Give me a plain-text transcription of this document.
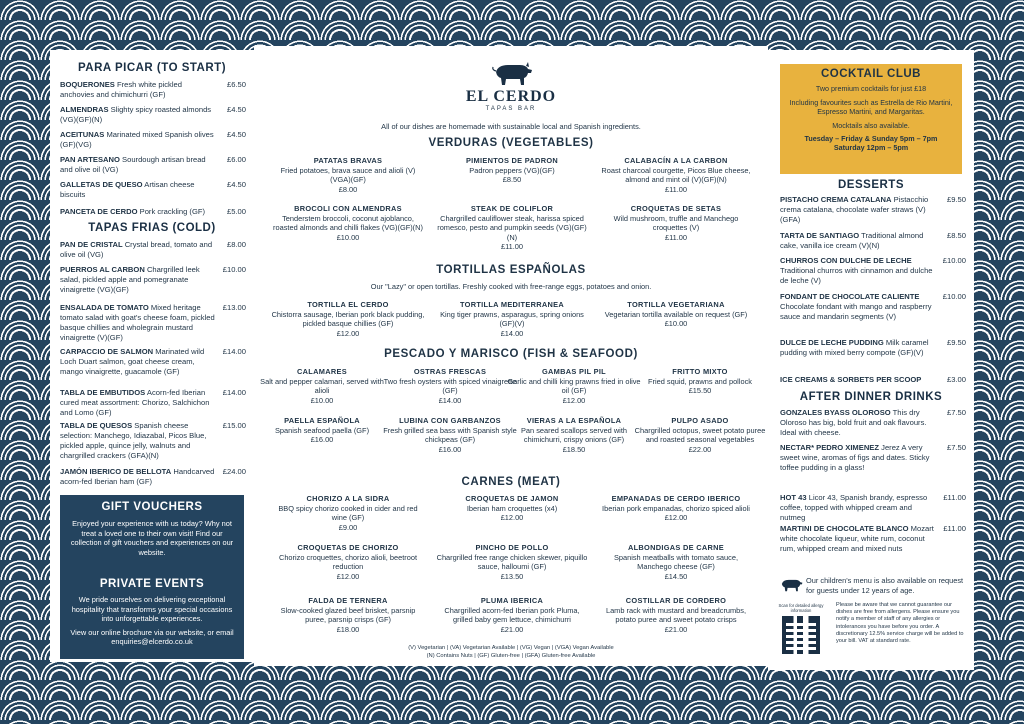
PARA PICAR (TO START)
BOQUERONES Fresh white pickled anchovies and chimichurri (GF)
£6.50
ALMENDRAS Slighty spicy roasted almonds (VG)(GF)(N)
£4.50
ACEITUNAS Marinated mixed Spanish olives (GF)(VG)
£4.50
PAN ARTESANO Sourdough artisan bread and olive oil (VG)
£6.00
GALLETAS DE QUESO Artisan cheese biscuits
£4.50
PANCETA DE CERDO Pork crackling (GF)	£5.00
TAPAS FRIAS (COLD)
PAN DE CRISTAL Crystal bread, tomato and olive oil (VG)
£8.00
PUERROS AL CARBON Chargrilled leek salad, pickled apple and pomegranate vinaigrette (VG)(GF)
£10.00
ENSALADA DE TOMATO Mixed heritage tomato salad with goat's cheese foam, pickled basque chillies and wholegrain mustard vinaigrette (V)(GF)
£13.00
CARPACCIO DE SALMON Marinated wild Loch Duart salmon, goat cheese cream, mango vinaigrette, guacamole (GF)
£14.00
TABLA DE EMBUTIDOS Acorn-fed Iberian cured meat assortment: Chorizo, Salchichon and Lomo (GF)
£14.00
TABLA DE QUESOS Spanish cheese selection: Manchego, Idiazabal, Picos Blue, pickled apple, quince jelly, walnuts and chargrilled crackers (GFA)(N)
£15.00
JAMÓN IBERICO DE BELLOTA Handcarved acorn-fed Iberian ham (GF)
£24.00
GIFT VOUCHERS

Enjoyed your experience with us today? Why not treat a loved one to their own visit! Find our collection of gift vouchers and experiences on our website.

PRIVATE EVENTS

We pride ourselves on delivering exceptional hospitality that transforms your special occasions into unforgettable experiences.

View our online brochure via our website, or email enquiries@elcerdo.co.uk

EL CERDO
TAPAS BAR
All of our dishes are homemade with sustainable local and Spanish ingredients.
VERDURAS (VEGETABLES)
PATATAS BRAVAS
Fried potatoes, brava sauce and alioli (V) (VGA)(GF)
£8.00
PIMIENTOS DE PADRON
Padron peppers (VG)(GF)
£8.50
CALABACÍN A LA CARBON
Roast charcoal courgette, Picos Blue cheese, almond and mint oil (V)(GF)(N)
£11.00
BROCOLI CON ALMENDRAS
Tenderstem broccoli, coconut ajoblanco, roasted almonds and chilli flakes (VG)(GF)(N)
£10.00
STEAK DE COLIFLOR
Chargrilled cauliflower steak, harissa spiced romesco, pesto and pumpkin seeds (VG)(GF)(N)
£11.00
CROQUETAS DE SETAS
Wild mushroom, truffle and Manchego croquettes (V)
£11.00
TORTILLAS ESPAÑOLAS
Our "Lazy" or open tortillas. Freshly cooked with free-range eggs, potatoes and onion.
TORTILLA EL CERDO
Chistorra sausage, Iberian pork black pudding, pickled basque chillies (GF)
£12.00
TORTILLA MEDITERRANEA
King tiger prawns, asparagus, spring onions (GF)(V)
£14.00
TORTILLA VEGETARIANA
Vegetarian tortilla available on request (GF)
£10.00
PESCADO Y MARISCO (FISH & SEAFOOD)
CALAMARES
Salt and pepper calamari, served with alioli
£10.00
OSTRAS FRESCAS
Two fresh oysters with spiced vinaigrette (GF)
£14.00
GAMBAS PIL PIL
Garlic and chilli king prawns fried in olive oil (GF)
£12.00
FRITTO MIXTO
Fried squid, prawns and pollock
£15.50
PAELLA ESPAÑOLA
Spanish seafood paella (GF)
£16.00
LUBINA CON GARBANZOS
Fresh grilled sea bass with Spanish style chickpeas (GF)
£16.00
VIERAS A LA ESPAÑOLA
Pan seared scallops served with chimichurri, crispy onions (GF)
£18.50
PULPO ASADO
Chargrilled octopus, sweet potato puree and roasted seasonal vegetables
£22.00
CARNES (MEAT)
CHORIZO A LA SIDRA
BBQ spicy chorizo cooked in cider and red wine (GF)
£9.00
CROQUETAS DE JAMON
Iberian ham croquettes (x4)
£12.00
EMPANADAS DE CERDO IBERICO
Iberian pork empanadas, chorizo spiced alioli
£12.00
CROQUETAS DE CHORIZO
Chorizo croquettes, chorizo alioli, beetroot reduction
£12.00
PINCHO DE POLLO
Chargrilled free range chicken skewer, piquillo sauce, halloumi (GF)
£13.50
ALBONDIGAS DE CARNE
Spanish meatballs with tomato sauce, Manchego cheese (GF)
£14.50
FALDA DE TERNERA
Slow-cooked glazed beef brisket, parsnip puree, parsnip crisps (GF)
£18.00
PLUMA IBERICA
Chargrilled acorn-fed Iberian pork Pluma, grilled baby gem lettuce, chimichurri
£21.00
COSTILLAR DE CORDERO
Lamb rack with mustard and breadcrumbs, potato puree and sweet potato crisps
£21.00
(V) Vegetarian | (VA) Vegetarian Available | (VG) Vegan | (VGA) Vegan Available
(N) Contains Nuts | (GF) Gluten-free | (GFA) Gluten-free Available
COCKTAIL CLUB
Two premium cocktails for just £18
Including favourites such as Estrella de Rio Martini, Espresso Martini, and Margaritas.
Mocktails also available.
Tuesday – Friday & Sunday 5pm – 7pm
Saturday 12pm – 5pm
DESSERTS
PISTACHO CREMA CATALANA Pistacchio crema catalana, chocolate wafer straws (V)(GFA)
£9.50
TARTA DE SANTIAGO Traditional almond cake, vanilla ice cream (V)(N)
£8.50
CHURROS CON DULCHE DE LECHE Traditional churros with cinnamon and dulche de leche (V)
£10.00
FONDANT DE CHOCOLATE CALIENTE Chocolate fondant with mango and raspberry sauce and mandarin segments (V)
£10.00
DULCE DE LECHE PUDDING Milk caramel pudding with mixed berry compote (GF)(V)
£9.50
ICE CREAMS & SORBETS PER SCOOP	£3.00
AFTER DINNER DRINKS
GONZALES BYASS OLOROSO This dry Oloroso has big, bold fruit and oak flavours. Ideal with cheese.
£7.50
NECTAR* PEDRO XIMENEZ Jerez A very sweet wine, aromas of figs and dates. Sticky toffee pudding in a glass!
£7.50
HOT 43 Licor 43, Spanish brandy, espresso coffee, topped with whipped cream and nutmeg
£11.00
MARTINI DE CHOCOLATE BLANCO Mozart white chocolate liqueur, white rum, coconut rum, whipped cream and mixed nuts
£11.00
Our children's menu is also available on request for guests under 12 years of age.
Scan for detailed allergy information
Please be aware that we cannot guarantee our dishes are free from allergens. Please ensure you notify a member of staff of any allergies or intolerances you have before you order. A discretionary 12.5% service charge will be added to your bill. VAT at standard rate.
